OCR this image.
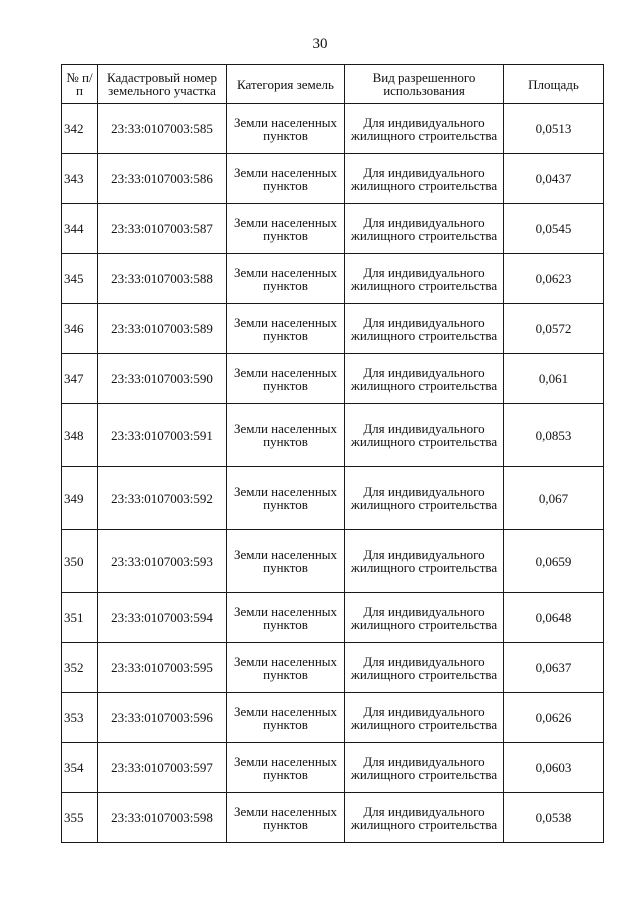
30
№ п/п	Кадастровый номер земельного участка	Категория земель	Вид разрешенного использования	Площадь
342	23:33:0107003:585	Земли населенных пунктов	Для индивидуального жилищного строительства	0,0513
343	23:33:0107003:586	Земли населенных пунктов	Для индивидуального жилищного строительства	0,0437
344	23:33:0107003:587	Земли населенных пунктов	Для индивидуального жилищного строительства	0,0545
345	23:33:0107003:588	Земли населенных пунктов	Для индивидуального жилищного строительства	0,0623
346	23:33:0107003:589	Земли населенных пунктов	Для индивидуального жилищного строительства	0,0572
347	23:33:0107003:590	Земли населенных пунктов	Для индивидуального жилищного строительства	0,061
348	23:33:0107003:591	Земли населенных пунктов	Для индивидуального жилищного строительства	0,0853
349	23:33:0107003:592	Земли населенных пунктов	Для индивидуального жилищного строительства	0,067
350	23:33:0107003:593	Земли населенных пунктов	Для индивидуального жилищного строительства	0,0659
351	23:33:0107003:594	Земли населенных пунктов	Для индивидуального жилищного строительства	0,0648
352	23:33:0107003:595	Земли населенных пунктов	Для индивидуального жилищного строительства	0,0637
353	23:33:0107003:596	Земли населенных пунктов	Для индивидуального жилищного строительства	0,0626
354	23:33:0107003:597	Земли населенных пунктов	Для индивидуального жилищного строительства	0,0603
355	23:33:0107003:598	Земли населенных пунктов	Для индивидуального жилищного строительства	0,0538
